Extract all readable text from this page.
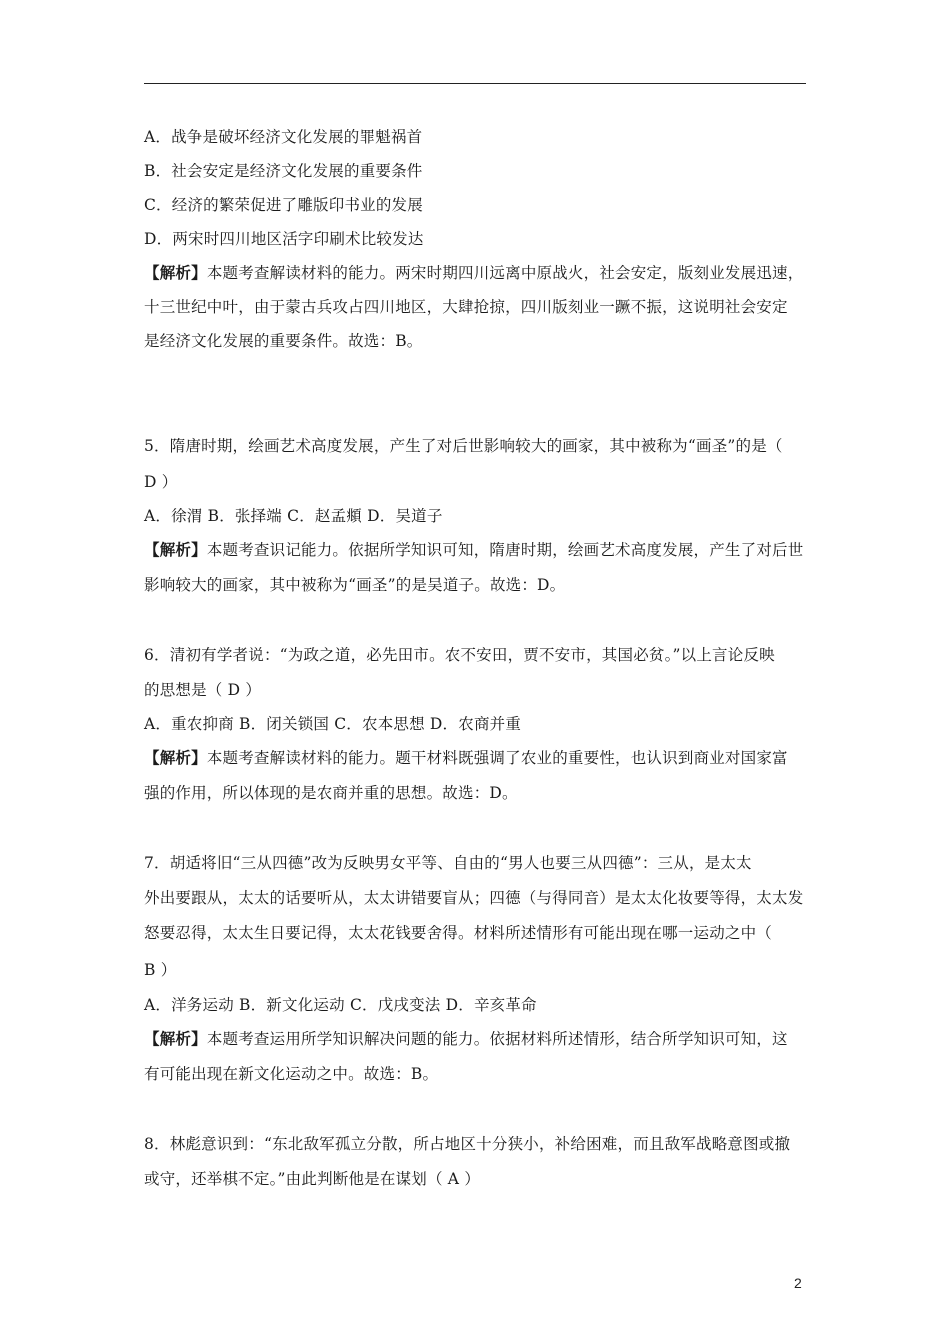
A．战争是破坏经济文化发展的罪魁祸首
B．社会安定是经济文化发展的重要条件
C．经济的繁荣促进了雕版印书业的发展
D．两宋时四川地区活字印刷术比较发达
【解析】本题考查解读材料的能力。两宋时期四川远离中原战火，社会安定，版刻业发展迅速，
十三世纪中叶，由于蒙古兵攻占四川地区，大肆抢掠，四川版刻业一蹶不振，这说明社会安定
是经济文化发展的重要条件。故选：B。
5．隋唐时期，绘画艺术高度发展，产生了对后世影响较大的画家，其中被称为“画圣”的是（
D ）
A．徐渭 B．张择端 C．赵孟頫 D．吴道子
【解析】本题考查识记能力。依据所学知识可知，隋唐时期，绘画艺术高度发展，产生了对后世
影响较大的画家，其中被称为“画圣”的是吴道子。故选：D。
6．清初有学者说：“为政之道，必先田市。农不安田，贾不安市，其国必贫。”以上言论反映
的思想是（ D ）
A．重农抑商 B．闭关锁国 C．农本思想 D．农商并重
【解析】本题考查解读材料的能力。题干材料既强调了农业的重要性，也认识到商业对国家富
强的作用，所以体现的是农商并重的思想。故选：D。
7．胡适将旧“三从四德”改为反映男女平等、自由的“男人也要三从四德”：三从，是太太
外出要跟从，太太的话要听从，太太讲错要盲从；四德（与得同音）是太太化妆要等得，太太发
怒要忍得，太太生日要记得，太太花钱要舍得。材料所述情形有可能出现在哪一运动之中（
B ）
A．洋务运动 B．新文化运动 C．戊戌变法 D．辛亥革命
【解析】本题考查运用所学知识解决问题的能力。依据材料所述情形，结合所学知识可知，这
有可能出现在新文化运动之中。故选：B。
8．林彪意识到：“东北敌军孤立分散，所占地区十分狭小，补给困难，而且敌军战略意图或撤
或守，还举棋不定。”由此判断他是在谋划（ A ）
2
